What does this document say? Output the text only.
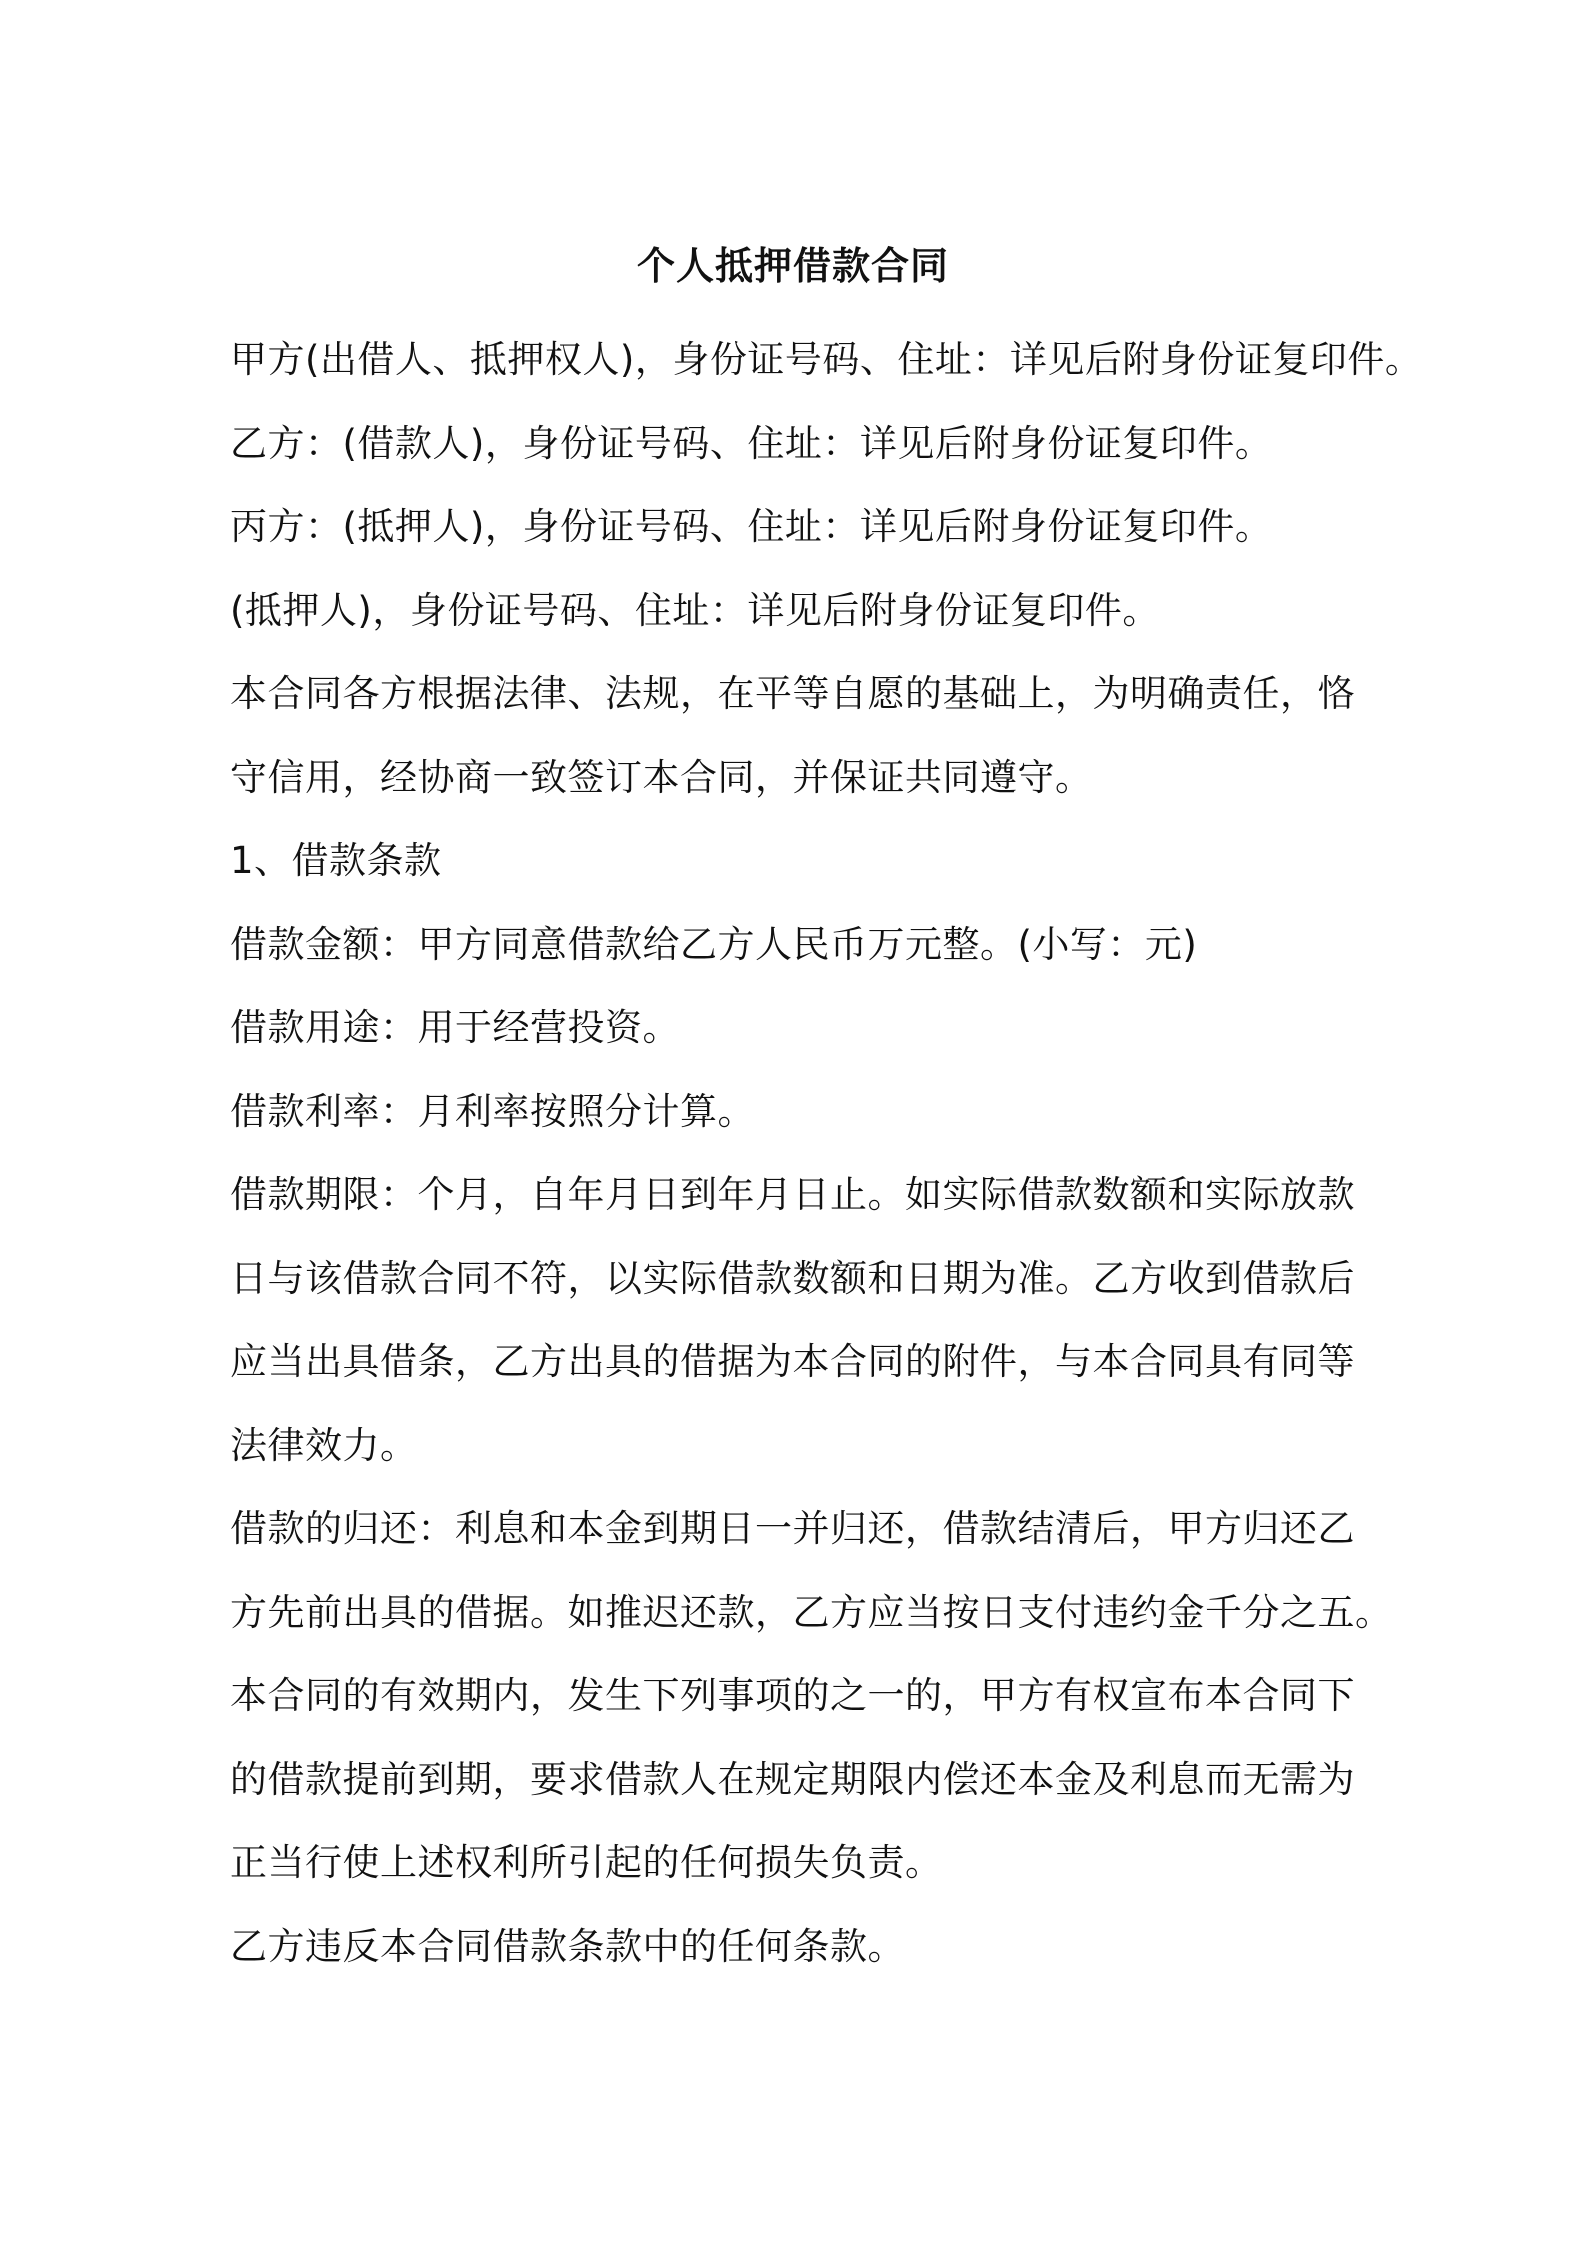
个人抵押借款合同
甲方(出借人、抵押权人)，身份证号码、住址：详见后附身份证复印件。
乙方：(借款人)，身份证号码、住址：详见后附身份证复印件。
丙方：(抵押人)，身份证号码、住址：详见后附身份证复印件。
(抵押人)，身份证号码、住址：详见后附身份证复印件。
本合同各方根据法律、法规，在平等自愿的基础上，为明确责任，恪
守信用，经协商一致签订本合同，并保证共同遵守。
1、借款条款
借款金额：甲方同意借款给乙方人民币万元整。(小写：元)
借款用途：用于经营投资。
借款利率：月利率按照分计算。
借款期限：个月，自年月日到年月日止。如实际借款数额和实际放款
日与该借款合同不符，以实际借款数额和日期为准。乙方收到借款后
应当出具借条，乙方出具的借据为本合同的附件，与本合同具有同等
法律效力。
借款的归还：利息和本金到期日一并归还，借款结清后，甲方归还乙
方先前出具的借据。如推迟还款，乙方应当按日支付违约金千分之五。
本合同的有效期内，发生下列事项的之一的，甲方有权宣布本合同下
的借款提前到期，要求借款人在规定期限内偿还本金及利息而无需为
正当行使上述权利所引起的任何损失负责。
乙方违反本合同借款条款中的任何条款。
